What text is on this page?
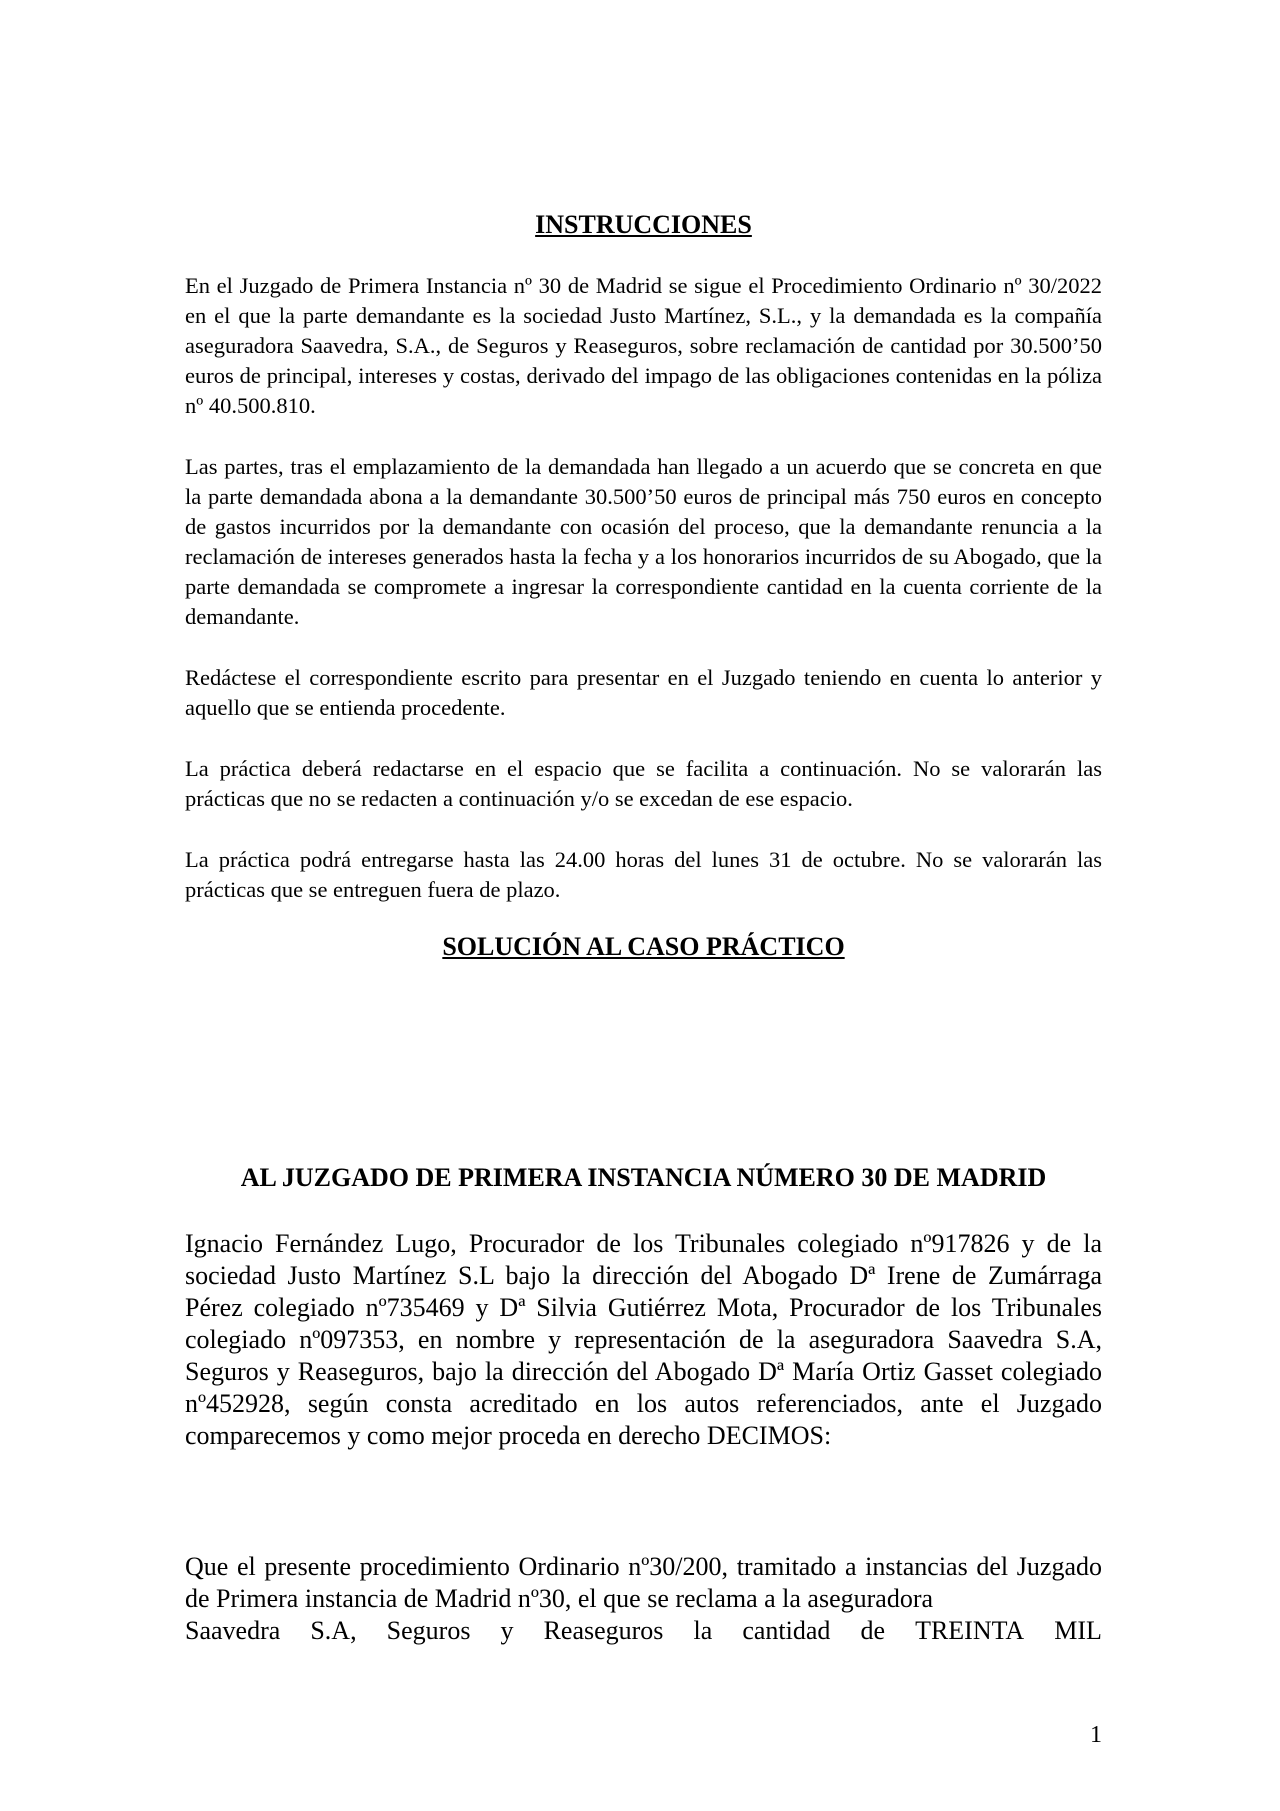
INSTRUCCIONES

En el Juzgado de Primera Instancia nº 30 de Madrid se sigue el Procedimiento Ordinario nº 30/2022 en el que la parte demandante es la sociedad Justo Martínez, S.L., y la demandada es la compañía aseguradora Saavedra, S.A., de Seguros y Reaseguros, sobre reclamación de cantidad por 30.500’50 euros de principal, intereses y costas, derivado del impago de las obligaciones contenidas en la póliza nº 40.500.810.

Las partes, tras el emplazamiento de la demandada han llegado a un acuerdo que se concreta en que la parte demandada abona a la demandante 30.500’50 euros de principal más 750 euros en concepto de gastos incurridos por la demandante con ocasión del proceso, que la demandante renuncia a la reclamación de intereses generados hasta la fecha y a los honorarios incurridos de su Abogado, que la parte demandada se compromete a ingresar la correspondiente cantidad en la cuenta corriente de la demandante.

Redáctese el correspondiente escrito para presentar en el Juzgado teniendo en cuenta lo anterior y aquello que se entienda procedente.

La práctica deberá redactarse en el espacio que se facilita a continuación. No se valorarán las prácticas que no se redacten a continuación y/o se excedan de ese espacio.

La práctica podrá entregarse hasta las 24.00 horas del lunes 31 de octubre. No se valorarán las prácticas que se entreguen fuera de plazo.

SOLUCIÓN AL CASO PRÁCTICO

AL JUZGADO DE PRIMERA INSTANCIA NÚMERO 30 DE MADRID

Ignacio Fernández Lugo, Procurador de los Tribunales colegiado nº917826 y de la sociedad Justo Martínez S.L bajo la dirección del Abogado Dª Irene de Zumárraga Pérez colegiado nº735469 y Dª Silvia Gutiérrez Mota, Procurador de los Tribunales colegiado nº097353, en nombre y representación de la aseguradora Saavedra S.A, Seguros y Reaseguros, bajo la dirección del Abogado Dª María Ortiz Gasset colegiado nº452928, según consta acreditado en los autos referenciados, ante el Juzgado comparecemos y como mejor proceda en derecho DECIMOS:

Que el presente procedimiento Ordinario nº30/200, tramitado a instancias del Juzgado de Primera instancia de Madrid nº30, el que se reclama a la aseguradora

Saavedra S.A, Seguros y Reaseguros la cantidad de TREINTA MIL
1
